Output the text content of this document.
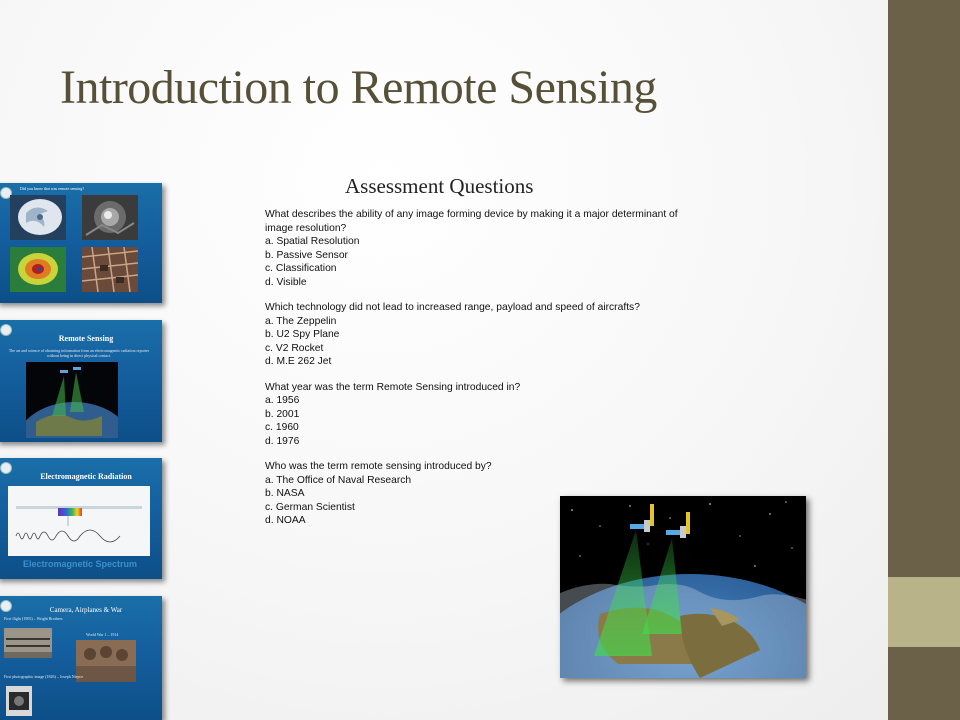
Introduction to Remote Sensing
Did you know that was remote sensing?
Remote Sensing
The art and science of obtaining information from an electromagnetic radiation reporter without being in direct physical contact.
Electromagnetic Radiation
Electromagnetic Spectrum
Camera, Airplanes & War
First flight (1903) – Wright Brothers
World War 1 – 1914
First photographic image (1826) – Joseph Niepce
Assessment Questions

What describes the ability of any image forming device by making it a major determinant of image resolution?

a. Spatial Resolution

b. Passive Sensor

c. Classification

d. Visible

Which technology did not lead to increased range, payload and speed of aircrafts?

a. The Zeppelin

b. U2 Spy Plane

c. V2 Rocket

d. M.E 262 Jet

What year was the term Remote Sensing introduced in?

a. 1956

b. 2001

c. 1960

d. 1976

Who was the term remote sensing introduced by?

a. The Office of Naval Research

b. NASA

c. German Scientist

d. NOAA
